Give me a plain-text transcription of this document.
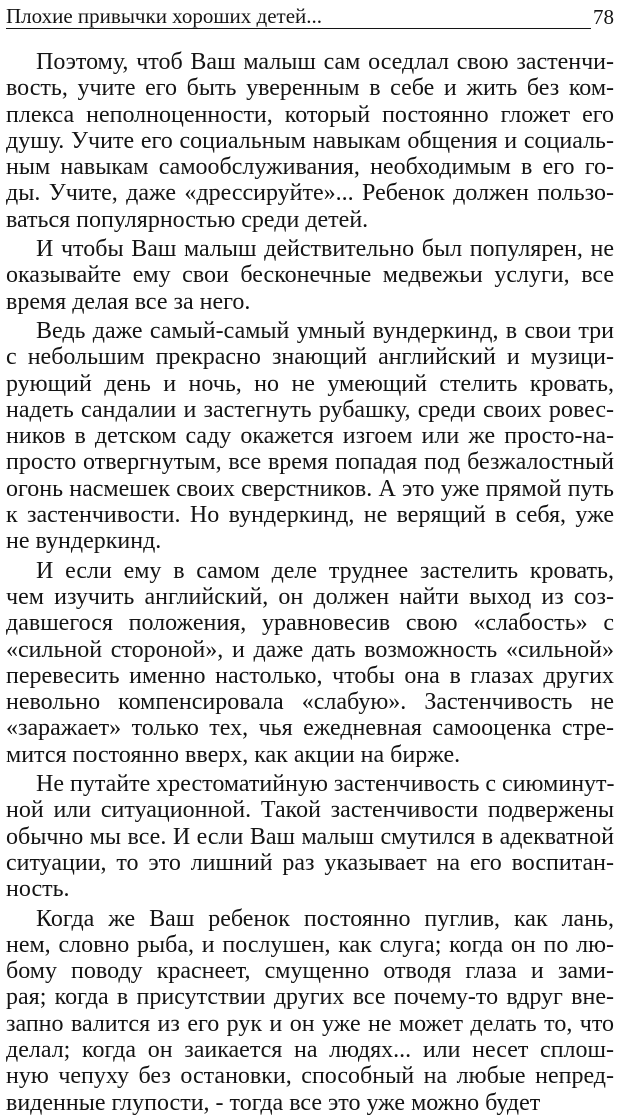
Плохие привычки хороших детей...	78
Поэтому, чтоб Ваш малыш сам оседлал свою застенчи-
вость, учите его быть уверенным в себе и жить без ком-
плекса неполноценности, который постоянно гложет его
душу. Учите его социальным навыкам общения и социаль-
ным навыкам самообслуживания, необходимым в его го-
ды. Учите, даже «дрессируйте»... Ребенок должен пользо-
ваться популярностью среди детей.
И чтобы Ваш малыш действительно был популярен, не
оказывайте ему свои бесконечные медвежьи услуги, все
время делая все за него.
Ведь даже самый-самый умный вундеркинд, в свои три
с небольшим прекрасно знающий английский и музици-
рующий день и ночь, но не умеющий стелить кровать,
надеть сандалии и застегнуть рубашку, среди своих ровес-
ников в детском саду окажется изгоем или же просто-на-
просто отвергнутым, все время попадая под безжалостный
огонь насмешек своих сверстников. А это уже прямой путь
к застенчивости. Но вундеркинд, не верящий в себя, уже
не вундеркинд.
И если ему в самом деле труднее застелить кровать,
чем изучить английский, он должен найти выход из соз-
давшегося положения, уравновесив свою «слабость» с
«сильной стороной», и даже дать возможность «сильной»
перевесить именно настолько, чтобы она в глазах других
невольно компенсировала «слабую». Застенчивость не
«заражает» только тех, чья ежедневная самооценка стре-
мится постоянно вверх, как акции на бирже.
Не путайте хрестоматийную застенчивость с сиюминут-
ной или ситуационной. Такой застенчивости подвержены
обычно мы все. И если Ваш малыш смутился в адекватной
ситуации, то это лишний раз указывает на его воспитан-
ность.
Когда же Ваш ребенок постоянно пуглив, как лань,
нем, словно рыба, и послушен, как слуга; когда он по лю-
бому поводу краснеет, смущенно отводя глаза и зами-
рая; когда в присутствии других все почему-то вдруг вне-
запно валится из его рук и он уже не может делать то, что
делал; когда он заикается на людях... или несет сплош-
ную чепуху без остановки, способный на любые непред-
виденные глупости, - тогда все это уже можно будет
